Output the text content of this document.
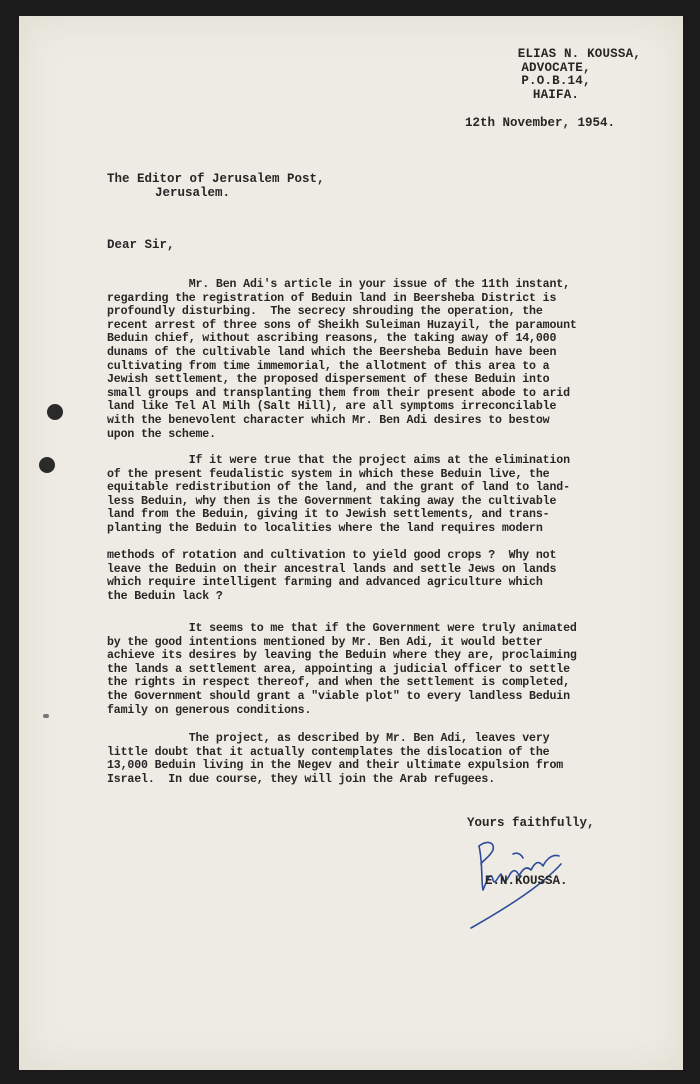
ELIAS N. KOUSSA,
ADVOCATE,
P.O.B.14,
HAIFA.
12th November, 1954.
The Editor of Jerusalem Post,
Jerusalem.
Dear Sir,
Mr. Ben Adi's article in your issue of the 11th instant,
regarding the registration of Beduin land in Beersheba District is
profoundly disturbing.  The secrecy shrouding the operation, the
recent arrest of three sons of Sheikh Suleiman Huzayil, the paramount
Beduin chief, without ascribing reasons, the taking away of 14,000
dunams of the cultivable land which the Beersheba Beduin have been
cultivating from time immemorial, the allotment of this area to a
Jewish settlement, the proposed dispersement of these Beduin into
small groups and transplanting them from their present abode to arid
land like Tel Al Milh (Salt Hill), are all symptoms irreconcilable
with the benevolent character which Mr. Ben Adi desires to bestow
upon the scheme.
If it were true that the project aims at the elimination
of the present feudalistic system in which these Beduin live, the
equitable redistribution of the land, and the grant of land to land-
less Beduin, why then is the Government taking away the cultivable
land from the Beduin, giving it to Jewish settlements, and trans-
planting the Beduin to localities where the land requires modern

methods of rotation and cultivation to yield good crops ?  Why not
leave the Beduin on their ancestral lands and settle Jews on lands
which require intelligent farming and advanced agriculture which
the Beduin lack ?
It seems to me that if the Government were truly animated
by the good intentions mentioned by Mr. Ben Adi, it would better
achieve its desires by leaving the Beduin where they are, proclaiming
the lands a settlement area, appointing a judicial officer to settle
the rights in respect thereof, and when the settlement is completed,
the Government should grant a "viable plot" to every landless Beduin
family on generous conditions.
The project, as described by Mr. Ben Adi, leaves very
little doubt that it actually contemplates the dislocation of the
13,000 Beduin living in the Negev and their ultimate expulsion from
Israel.  In due course, they will join the Arab refugees.
Yours faithfully,
E.N.KOUSSA.
